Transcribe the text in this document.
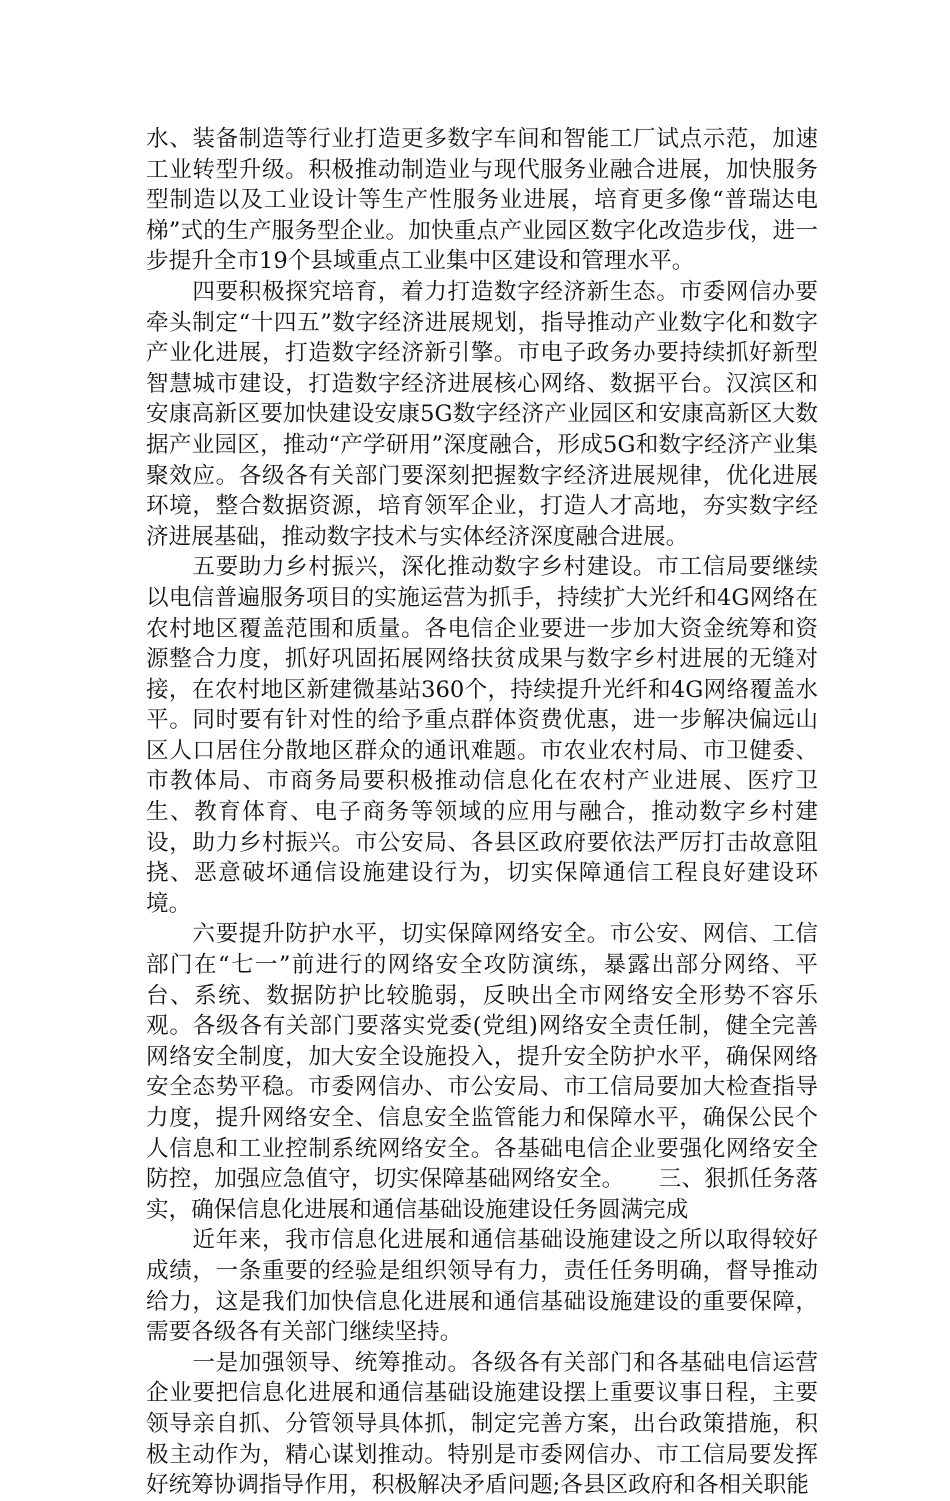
水、装备制造等行业打造更多数字车间和智能工厂试点示范，加速工业转型升级。积极推动制造业与现代服务业融合进展，加快服务型制造以及工业设计等生产性服务业进展，培育更多像“普瑞达电梯”式的生产服务型企业。加快重点产业园区数字化改造步伐，进一步提升全市19个县域重点工业集中区建设和管理水平。

　　四要积极探究培育，着力打造数字经济新生态。市委网信办要牵头制定“十四五”数字经济进展规划，指导推动产业数字化和数字产业化进展，打造数字经济新引擎。市电子政务办要持续抓好新型智慧城市建设，打造数字经济进展核心网络、数据平台。汉滨区和安康高新区要加快建设安康5G数字经济产业园区和安康高新区大数据产业园区，推动“产学研用”深度融合，形成5G和数字经济产业集聚效应。各级各有关部门要深刻把握数字经济进展规律，优化进展环境，整合数据资源，培育领军企业，打造人才高地，夯实数字经济进展基础，推动数字技术与实体经济深度融合进展。

　　五要助力乡村振兴，深化推动数字乡村建设。市工信局要继续以电信普遍服务项目的实施运营为抓手，持续扩大光纤和4G网络在农村地区覆盖范围和质量。各电信企业要进一步加大资金统筹和资源整合力度，抓好巩固拓展网络扶贫成果与数字乡村进展的无缝对接，在农村地区新建微基站360个，持续提升光纤和4G网络覆盖水平。同时要有针对性的给予重点群体资费优惠，进一步解决偏远山区人口居住分散地区群众的通讯难题。市农业农村局、市卫健委、市教体局、市商务局要积极推动信息化在农村产业进展、医疗卫生、教育体育、电子商务等领域的应用与融合，推动数字乡村建设，助力乡村振兴。市公安局、各县区政府要依法严厉打击故意阻挠、恶意破坏通信设施建设行为，切实保障通信工程良好建设环境。

　　六要提升防护水平，切实保障网络安全。市公安、网信、工信部门在“七一”前进行的网络安全攻防演练，暴露出部分网络、平台、系统、数据防护比较脆弱，反映出全市网络安全形势不容乐观。各级各有关部门要落实党委(党组)网络安全责任制，健全完善网络安全制度，加大安全设施投入，提升安全防护水平，确保网络安全态势平稳。市委网信办、市公安局、市工信局要加大检查指导力度，提升网络安全、信息安全监管能力和保障水平，确保公民个人信息和工业控制系统网络安全。各基础电信企业要强化网络安全防控，加强应急值守，切实保障基础网络安全。　　三、狠抓任务落实，确保信息化进展和通信基础设施建设任务圆满完成

　　近年来，我市信息化进展和通信基础设施建设之所以取得较好成绩，一条重要的经验是组织领导有力，责任任务明确，督导推动给力，这是我们加快信息化进展和通信基础设施建设的重要保障，需要各级各有关部门继续坚持。

　　一是加强领导、统筹推动。各级各有关部门和各基础电信运营企业要把信息化进展和通信基础设施建设摆上重要议事日程，主要领导亲自抓、分管领导具体抓，制定完善方案，出台政策措施，积极主动作为，精心谋划推动。特别是市委网信办、市工信局要发挥好统筹协调指导作用，积极解决矛盾问题;各县区政府和各相关职能
